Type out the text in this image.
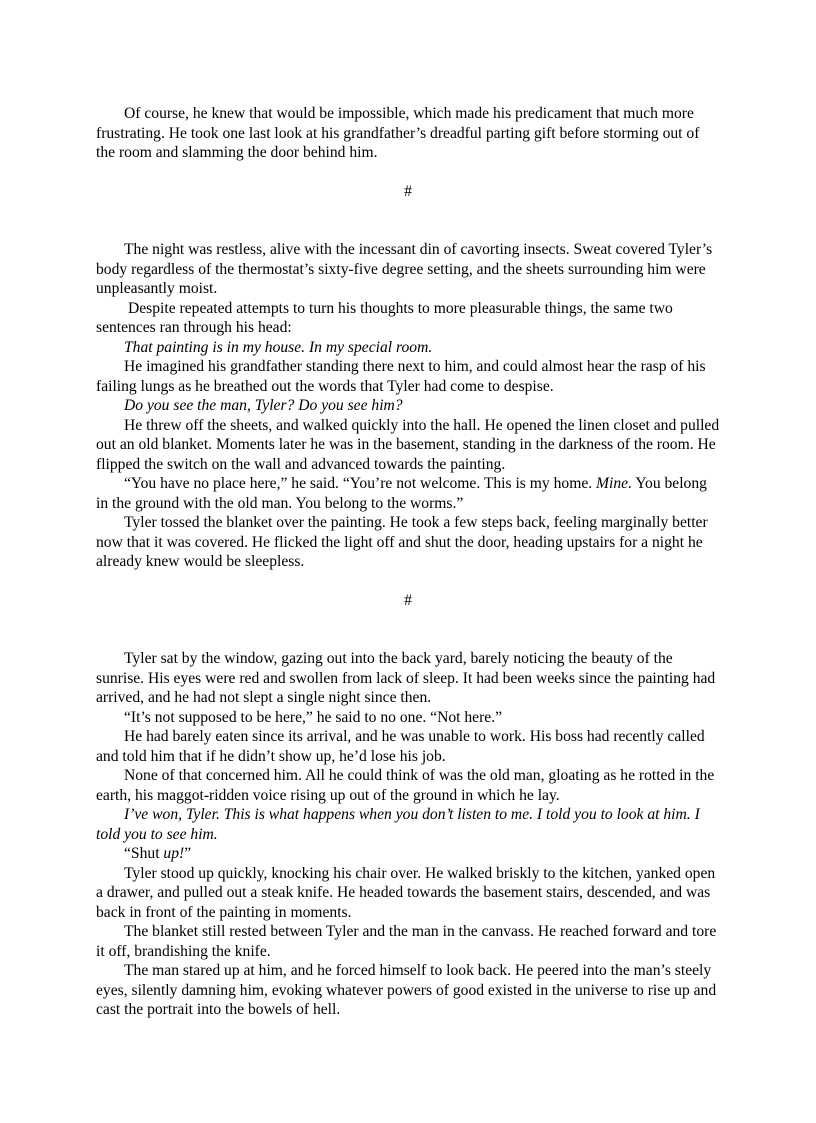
Of course, he knew that would be impossible, which made his predicament that much more frustrating. He took one last look at his grandfather’s dreadful parting gift before storming out of the room and slamming the door behind him.

#

The night was restless, alive with the incessant din of cavorting insects. Sweat covered Tyler’s body regardless of the thermostat’s sixty-five degree setting, and the sheets surrounding him were unpleasantly moist.

Despite repeated attempts to turn his thoughts to more pleasurable things, the same two sentences ran through his head:

That painting is in my house. In my special room.

He imagined his grandfather standing there next to him, and could almost hear the rasp of his failing lungs as he breathed out the words that Tyler had come to despise.

Do you see the man, Tyler? Do you see him?

He threw off the sheets, and walked quickly into the hall. He opened the linen closet and pulled out an old blanket. Moments later he was in the basement, standing in the darkness of the room. He flipped the switch on the wall and advanced towards the painting.

“You have no place here,” he said. “You’re not welcome. This is my home. Mine. You belong in the ground with the old man. You belong to the worms.”

Tyler tossed the blanket over the painting. He took a few steps back, feeling marginally better now that it was covered. He flicked the light off and shut the door, heading upstairs for a night he already knew would be sleepless.

#

Tyler sat by the window, gazing out into the back yard, barely noticing the beauty of the sunrise. His eyes were red and swollen from lack of sleep. It had been weeks since the painting had arrived, and he had not slept a single night since then.

“It’s not supposed to be here,” he said to no one. “Not here.”

He had barely eaten since its arrival, and he was unable to work. His boss had recently called and told him that if he didn’t show up, he’d lose his job.

None of that concerned him. All he could think of was the old man, gloating as he rotted in the earth, his maggot-ridden voice rising up out of the ground in which he lay.

I’ve won, Tyler. This is what happens when you don’t listen to me. I told you to look at him. I told you to see him.

“Shut up!”

Tyler stood up quickly, knocking his chair over. He walked briskly to the kitchen, yanked open a drawer, and pulled out a steak knife. He headed towards the basement stairs, descended, and was back in front of the painting in moments.

The blanket still rested between Tyler and the man in the canvass. He reached forward and tore it off, brandishing the knife.

The man stared up at him, and he forced himself to look back. He peered into the man’s steely eyes, silently damning him, evoking whatever powers of good existed in the universe to rise up and cast the portrait into the bowels of hell.
